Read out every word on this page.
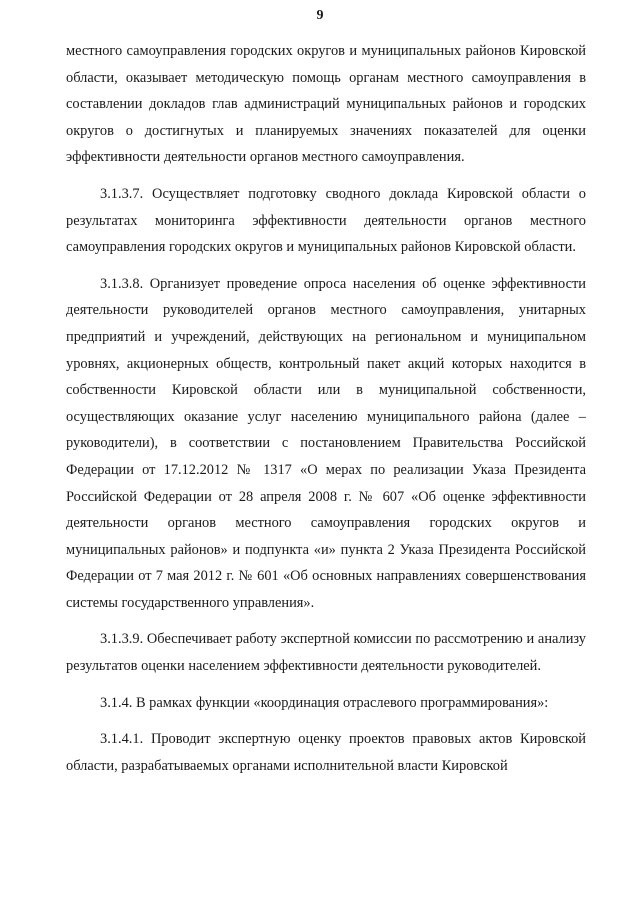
9

местного самоуправления городских округов и муниципальных районов Кировской области, оказывает методическую помощь органам местного самоуправления в составлении докладов глав администраций муниципальных районов и городских округов о достигнутых и планируемых значениях показателей для оценки эффективности деятельности органов местного самоуправления.

3.1.3.7. Осуществляет подготовку сводного доклада Кировской области о результатах мониторинга эффективности деятельности органов местного самоуправления городских округов и муниципальных районов Кировской области.

3.1.3.8. Организует проведение опроса населения об оценке эффективности деятельности руководителей органов местного самоуправления, унитарных предприятий и учреждений, действующих на региональном и муниципальном уровнях, акционерных обществ, контрольный пакет акций которых находится в собственности Кировской области или в муниципальной собственности, осуществляющих оказание услуг населению муниципального района (далее – руководители), в соответствии с постановлением Правительства Российской Федерации от 17.12.2012 № 1317 «О мерах по реализации Указа Президента Российской Федерации от 28 апреля 2008 г. № 607 «Об оценке эффективности деятельности органов местного самоуправления городских округов и муниципальных районов» и подпункта «и» пункта 2 Указа Президента Российской Федерации от 7 мая 2012 г. № 601 «Об основных направлениях совершенствования системы государственного управления».

3.1.3.9. Обеспечивает работу экспертной комиссии по рассмотрению и анализу результатов оценки населением эффективности деятельности руководителей.

3.1.4. В рамках функции «координация отраслевого программирования»:

3.1.4.1. Проводит экспертную оценку проектов правовых актов Кировской области, разрабатываемых органами исполнительной власти Кировской
